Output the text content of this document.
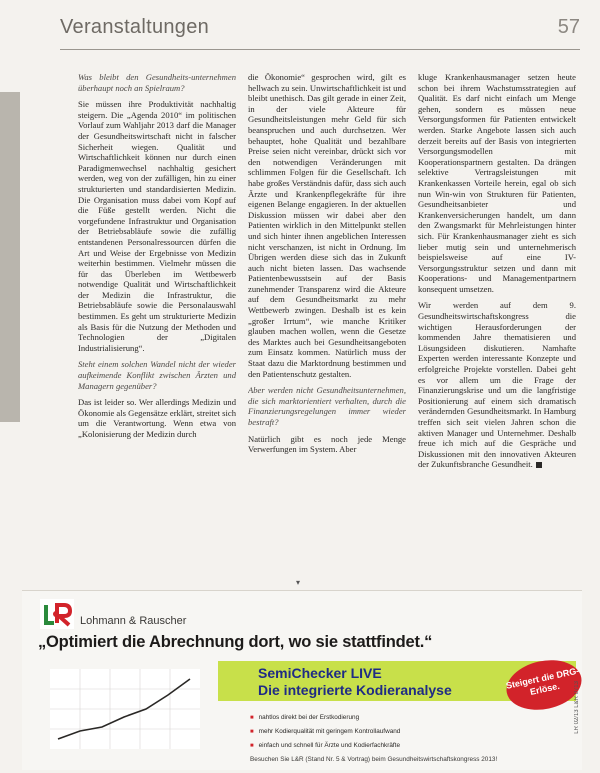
Veranstaltungen	57

Was bleibt den Gesundheits-unternehmen überhaupt noch an Spielraum?

Sie müssen ihre Produktivität nachhaltig steigern. Die „Agenda 2010“ im politischen Vorlauf zum Wahljahr 2013 darf die Manager der Gesundheitswirtschaft nicht in falscher Sicherheit wiegen. Qualität und Wirtschaftlichkeit können nur durch einen Paradigmenwechsel nachhaltig gesichert werden, weg von der zufälligen, hin zu einer strukturierten und standardisierten Medizin. Die Organisation muss dabei vom Kopf auf die Füße gestellt werden. Nicht die vorgefundene Infrastruktur und Organisation der Betriebsabläufe sowie die zufällig entstandenen Personalressourcen dürfen die Art und Weise der Ergebnisse von Medizin weiterhin bestimmen. Vielmehr müssen die für das Überleben im Wettbewerb notwendige Qualität und Wirtschaftlichkeit der Medizin die Infrastruktur, die Betriebsabläufe sowie die Personalauswahl bestimmen. Es geht um strukturierte Medizin als Basis für die Nutzung der Methoden und Technologien der „Digitalen Industrialisierung“.

Steht einem solchen Wandel nicht der wieder aufkeimende Konflikt zwischen Ärzten und Managern gegenüber?

Das ist leider so. Wer allerdings Medizin und Ökonomie als Gegensätze erklärt, streitet sich um die Verantwortung. Wenn etwa von „Kolonisierung der Medizin durch

die Ökonomie“ gesprochen wird, gilt es hellwach zu sein. Unwirtschaftlichkeit ist und bleibt unethisch. Das gilt gerade in einer Zeit, in der viele Akteure für Gesundheitsleistungen mehr Geld für sich beanspruchen und auch durchsetzen. Wer behauptet, hohe Qualität und bezahlbare Preise seien nicht vereinbar, drückt sich vor den notwendigen Veränderungen mit schlimmen Folgen für die Gesellschaft. Ich habe großes Verständnis dafür, dass sich auch Ärzte und Krankenpflegekräfte für ihre eigenen Belange engagieren. In der aktuellen Diskussion müssen wir dabei aber den Patienten wirklich in den Mittelpunkt stellen und sich hinter ihnen angeblichen Interessen nicht verschanzen, ist nicht in Ordnung. Im Übrigen werden diese sich das in Zukunft auch nicht bieten lassen. Das wachsende Patientenbewusstsein auf der Basis zunehmender Transparenz wird die Akteure auf dem Gesundheitsmarkt zu mehr Wettbewerb zwingen. Deshalb ist es kein „großer Irrtum“, wie manche Kritiker glauben machen wollen, wenn die Gesetze des Marktes auch bei Gesundheitsangeboten zum Einsatz kommen. Natürlich muss der Staat dazu die Marktordnung bestimmen und den Patientenschutz gestalten.

Aber werden nicht Gesundheitsunternehmen, die sich marktorientiert verhalten, durch die Finanzierungsregelungen immer wieder bestraft?

Natürlich gibt es noch jede Menge Verwerfungen im System. Aber

kluge Krankenhausmanager setzen heute schon bei ihrem Wachstumsstrategien auf Qualität. Es darf nicht einfach um Menge gehen, sondern es müssen neue Versorgungsformen für Patienten entwickelt werden. Starke Angebote lassen sich auch derzeit bereits auf der Basis von integrierten Versorgungsmodellen mit Kooperationspartnern gestalten. Da drängen selektive Vertragsleistungen mit Krankenkassen Vorteile herein, egal ob sich nun Win-win von Strukturen für Patienten, Gesundheitsanbieter und Krankenversicherungen handelt, um dann den Zwangsmarkt für Mehrleistungen hinter sich. Für Krankenhausmanager zieht es sich lieber mutig sein und unternehmerisch beispielsweise auf eine IV-Versorgungsstruktur setzen und dann mit Kooperations- und Managementpartnern konsequent umsetzen.

Wir werden auf dem 9. Gesundheitswirtschaftskongress die wichtigen Herausforderungen der kommenden Jahre thematisieren und Lösungsideen diskutieren. Namhafte Experten werden interessante Konzepte und erfolgreiche Projekte vorstellen. Dabei geht es vor allem um die Frage der Finanzierungskrise und um die langfristige Positionierung auf einem sich dramatisch verändernden Gesundheitsmarkt. In Hamburg treffen sich seit vielen Jahren schon die aktiven Manager und Unternehmer. Deshalb freue ich mich auf die Gespräche und Diskussionen mit den innovativen Akteuren der Zukunftsbranche Gesundheit.

▾
Lohmann & Rauscher
„Optimiert die Abrechnung dort, wo sie stattfindet.“
SemiChecker LIVE
Die integrierte Kodieranalyse	Steigert die DRG-Erlöse.
■ nahtlos direkt bei der Erstkodierung
■ mehr Kodierqualität mit geringem Kontrollaufwand
■ einfach und schnell für Ärzte und Kodierfachkräfte
Besuchen Sie L&R (Stand Nr. 5 & Vortrag) beim Gesundheitswirtschaftskongress 2013!
LR 02/13 L&R 0713
